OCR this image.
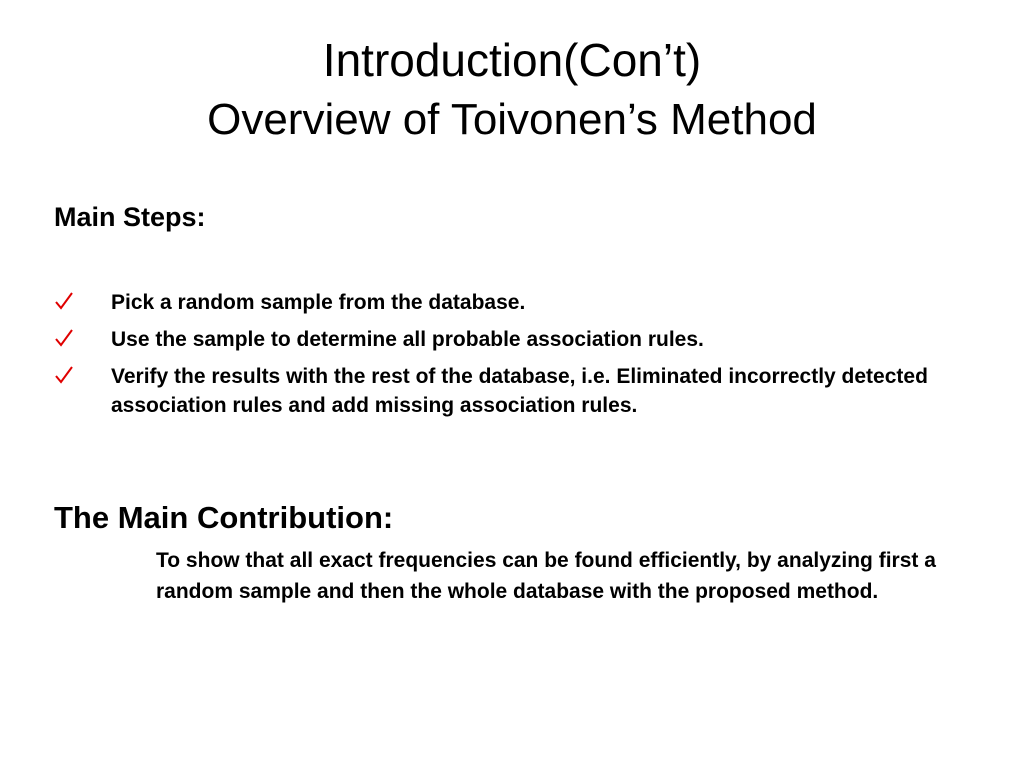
Introduction(Con’t)
Overview of Toivonen’s Method
Main Steps:
Pick a random sample from the database.
Use the sample to determine all probable association rules.
Verify the results with the rest of the database, i.e. Eliminated incorrectly detected association rules and add missing association rules.
The Main Contribution:
To show that all exact frequencies can be found efficiently, by analyzing first a random sample and then the whole database with the proposed method.
